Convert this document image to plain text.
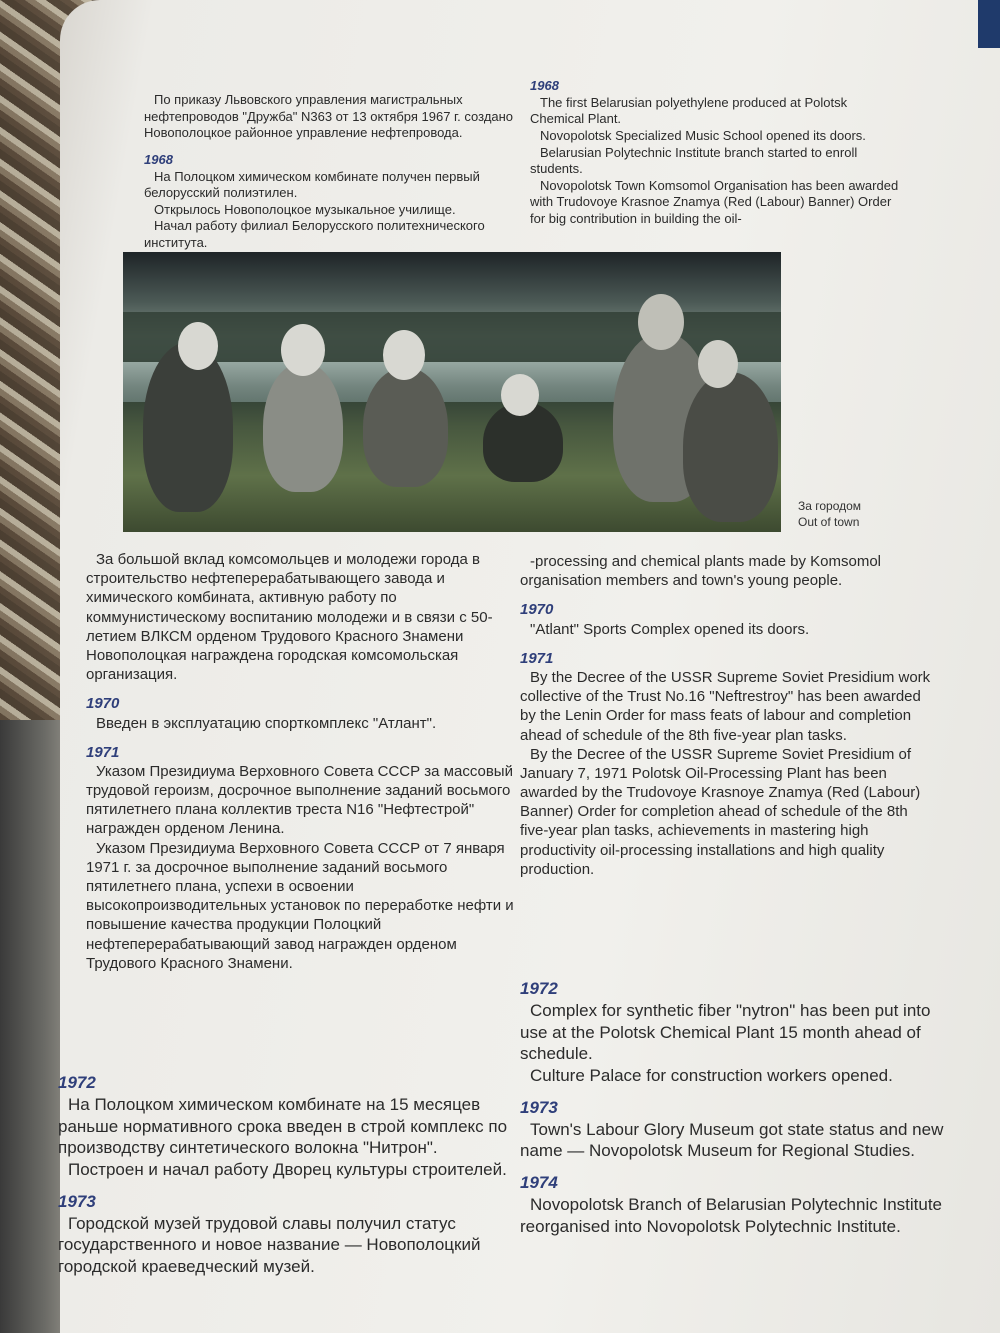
По приказу Львовского управления магистральных нефтепроводов "Дружба" N363 от 13 октября 1967 г. создано Новополоцкое районное управление нефтепровода.
1968
На Полоцком химическом комбинате получен первый белорусский полиэтилен.
Открылось Новополоцкое музыкальное училище.
Начал работу филиал Белорусского политехнического института.
1968
The first Belarusian polyethylene produced at Polotsk Chemical Plant.
Novopolotsk Specialized Music School opened its doors.
Belarusian Polytechnic Institute branch started to enroll students.
Novopolotsk Town Komsomol Organisation has been awarded with Trudovoye Krasnoe Znamya (Red (Labour) Banner) Order for big contribution in building the oil-
За городом
Out of town
За большой вклад комсомольцев и молодежи города в строительство нефтеперерабатывающего завода и химического комбината, активную работу по коммунистическому воспитанию молодежи и в связи с 50-летием ВЛКСМ орденом Трудового Красного Знамени Новополоцкая награждена городская комсомольская организация.
1970
Введен в эксплуатацию спорткомплекс "Атлант".
1971
Указом Президиума Верховного Совета СССР за массовый трудовой героизм, досрочное выполнение заданий восьмого пятилетнего плана коллектив треста N16 "Нефтестрой" награжден орденом Ленина.
Указом Президиума Верховного Совета СССР от 7 января 1971 г. за досрочное выполнение заданий восьмого пятилетнего плана, успехи в освоении высокопроизводительных установок по переработке нефти и повышение качества продукции Полоцкий нефтеперерабатывающий завод награжден орденом Трудового Красного Знамени.
1972
На Полоцком химическом комбинате на 15 месяцев раньше нормативного срока введен в строй комплекс по производству синтетического волокна "Нитрон".
Построен и начал работу Дворец культуры строителей.
1973
Городской музей трудовой славы получил статус государственного и новое название — Новополоцкий городской краеведческий музей.
-processing and chemical plants made by Komsomol organisation members and town's young people.
1970
"Atlant" Sports Complex opened its doors.
1971
By the Decree of the USSR Supreme Soviet Presidium work collective of the Trust No.16 "Neftrestroy" has been awarded by the Lenin Order for mass feats of labour and completion ahead of schedule of the 8th five-year plan tasks.
By the Decree of the USSR Supreme Soviet Presidium of January 7, 1971 Polotsk Oil-Processing Plant has been awarded by the Trudovoye Krasnoye Znamya (Red (Labour) Banner) Order for completion ahead of schedule of the 8th five-year plan tasks, achievements in mastering high productivity oil-processing installations and high quality production.
1972
Complex for synthetic fiber "nytron" has been put into use at the Polotsk Chemical Plant 15 month ahead of schedule.
Culture Palace for construction workers opened.
1973
Town's Labour Glory Museum got state status and new name — Novopolotsk Museum for Regional Studies.
1974
Novopolotsk Branch of Belarusian Polytechnic Institute reorganised into Novopolotsk Polytechnic Institute.
